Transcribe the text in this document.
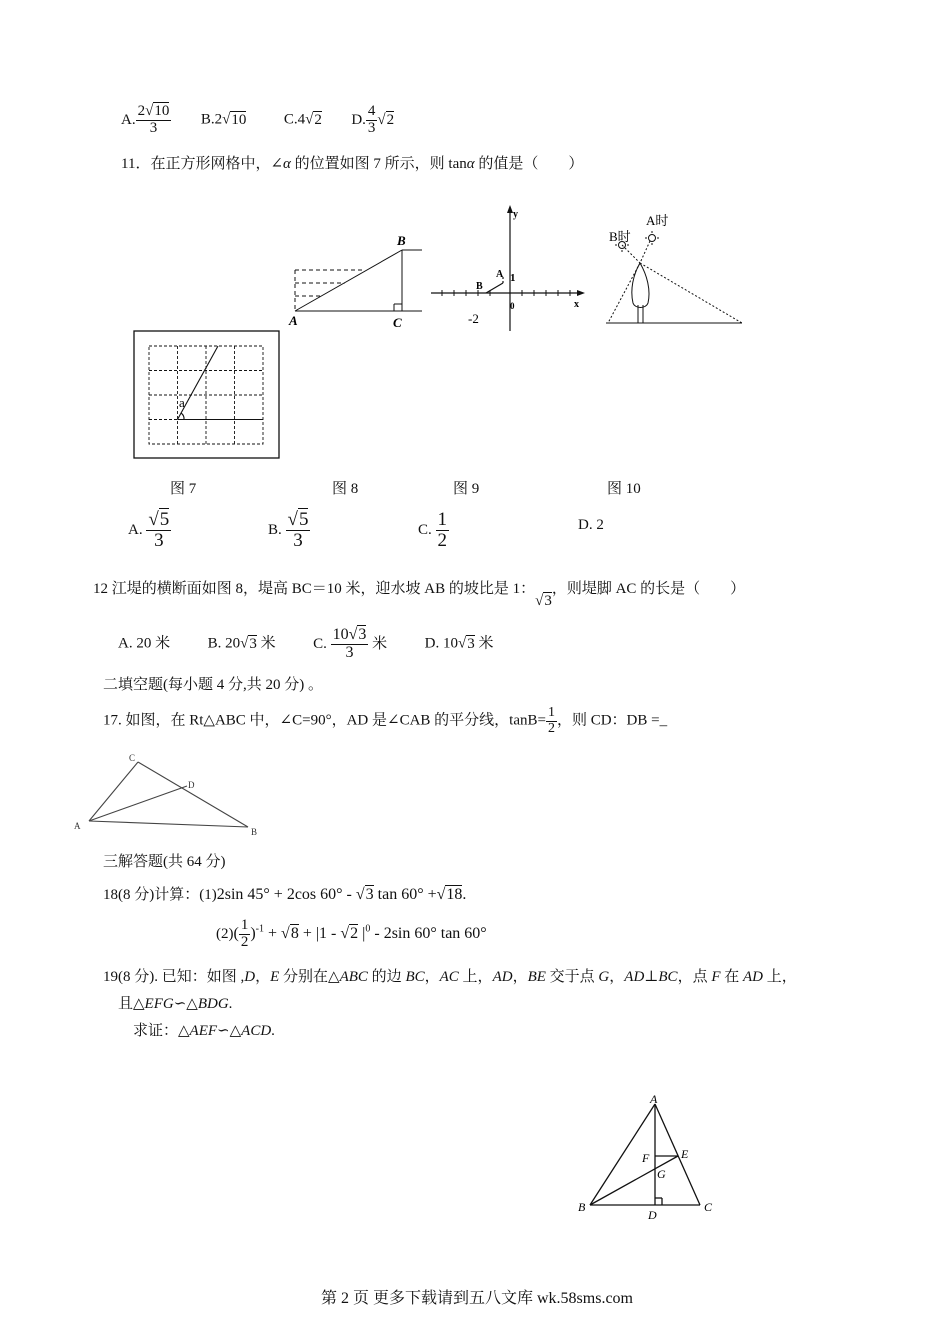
A. $\frac{2√10}{3} B.2√10$	C.4√2 D. $\frac{4}{3} √2$
11．在正方形网格中，∠α 的位置如图 7 所示，则 tanα 的值是（　　）
A
B
C
y
x
A
B
1
0
-2
A时
B时
a
图 7	图 8	图 9	图 10
A. $\frac{√5}{3}$	B. $\frac{√5}{3}$	C. $\frac{1}{2}$	D. 2
12 江堤的横断面如图 8，堤高 BC＝10 米，迎水坡 AB 的坡比是 1：√3，则堤脚 AC 的长是（　　）
A. 20 米	B. 20√3 米	C. $\frac{10√3}{3}$ 米	D. 10√3 米
二填空题(每小题 4 分,共 20 分) 。
17. 如图，在 Rt△ABC 中，∠C=90°，AD 是∠CAB 的平分线，$\tan B= \frac{1}{2}$ ，则 CD：DB =_
C
D
A
B
三解答题(共 64 分)
18(8 分)计算：(1)2sin 45° + 2cos 60° - √3 tan 60° +√18.
$(2)( \frac{1}{2} )^{-1} + √8 + |1 - √2$ $|^0 - 2\sin$ 60° tan 60°
19(8 分). 已知：如图 ,D，E 分别在△ABC 的边 BC，AC 上，AD，BE 交于点 G，AD⊥BC，点 F 在 AD 上，
且△EFG∽△BDG.
求证：△AEF∽△ACD.
A
B	C
D
E
F
G
第 2 页 更多下载请到五八文库 wk.58sms.com
